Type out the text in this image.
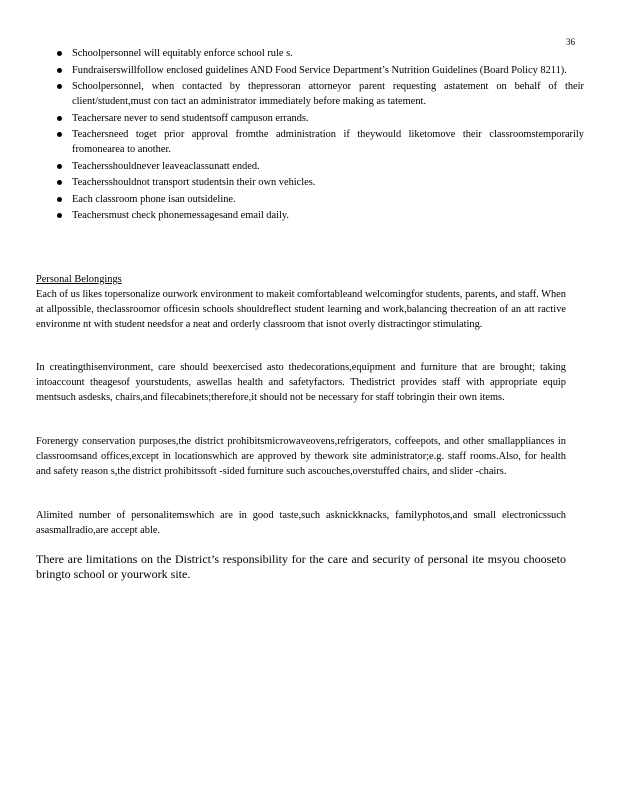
36
Schoolpersonnel will equitably enforce school rule s.
Fundraiserswillfollow enclosed guidelines AND Food Service Department’s Nutrition Guidelines (Board Policy 8211).
Schoolpersonnel, when contacted by thepressoran attorneyor parent requesting astatement on behalf of their client/student,must con tact an administrator immediately before making as tatement.
Teachersare never to send studentsoff campuson errands.
Teachersneed toget prior approval fromthe administration if theywould liketomove their classroomstemporarily fromonearea to another.
Teachersshouldnever leaveaclassunatt ended.
Teachersshouldnot transport studentsin their own vehicles.
Each classroom phone isan outsideline.
Teachersmust check phonemessagesand email daily.
Personal Belongings
Each of us likes topersonalize ourwork environment to makeit comfortableand welcomingfor students, parents, and staff. When at allpossible, theclassroomor officesin schools shouldreflect student learning and work,balancing thecreation of an att ractive environme nt with student needsfor a neat and orderly classroom that isnot overly distractingor stimulating.
In creatingthisenvironment, care should beexercised asto thedecorations,equipment and furniture that are brought; taking intoaccount theagesof yourstudents, aswellas health and safetyfactors. Thedistrict provides staff with appropriate equip mentsuch asdesks, chairs,and filecabinets;therefore,it should not be necessary for staff tobringin their own items.
Forenergy conservation purposes,the district prohibitsmicrowaveovens,refrigerators, coffeepots, and other smallappliances in classroomsand offices,except in locationswhich are approved by thework site administrator;e.g. staff rooms.Also, for health and safety reason s,the district prohibitssoft -sided furniture such ascouches,overstuffed chairs, and slider -chairs.
Alimited number of personalitemswhich are in good taste,such asknickknacks, familyphotos,and small electronicssuch asasmallradio,are accept able.
There are limitations on the District’s responsibility for the care and security of personal ite msyou chooseto bringto school or yourwork site.
